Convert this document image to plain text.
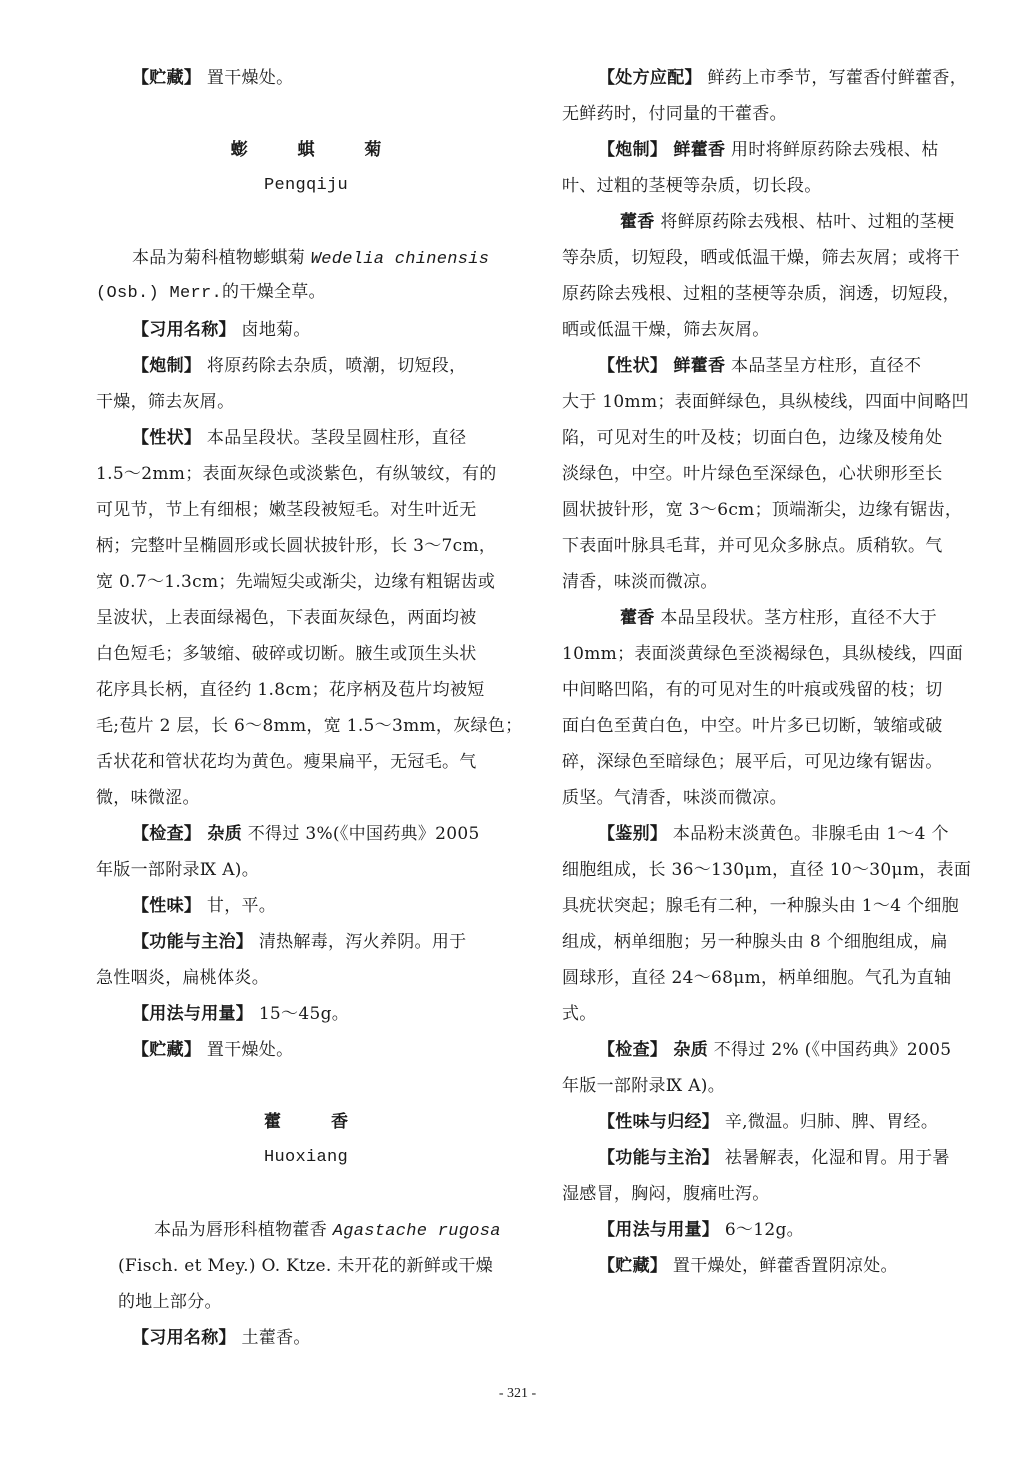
【贮藏】 置干燥处。
蟛 蜞 菊
Pengqiju
本品为菊科植物蟛蜞菊 Wedelia chinensis
(Osb.) Merr.的干燥全草。
【习用名称】 卤地菊。
【炮制】 将原药除去杂质，喷潮，切短段，
干燥，筛去灰屑。
【性状】 本品呈段状。茎段呈圆柱形，直径
1.5～2mm；表面灰绿色或淡紫色，有纵皱纹，有的
可见节，节上有细根；嫩茎段被短毛。对生叶近无
柄；完整叶呈椭圆形或长圆状披针形，长 3～7cm，
宽 0.7～1.3cm；先端短尖或渐尖，边缘有粗锯齿或
呈波状，上表面绿褐色，下表面灰绿色，两面均被
白色短毛；多皱缩、破碎或切断。腋生或顶生头状
花序具长柄，直径约 1.8cm；花序柄及苞片均被短
毛;苞片 2 层，长 6～8mm，宽 1.5～3mm，灰绿色；
舌状花和管状花均为黄色。瘦果扁平，无冠毛。气
微，味微涩。
【检查】 杂质 不得过 3%(《中国药典》2005
年版一部附录Ⅸ A)。
【性味】 甘，平。
【功能与主治】 清热解毒，泻火养阴。用于
急性咽炎，扁桃体炎。
【用法与用量】 15～45g。
【贮藏】 置干燥处。
藿 香
Huoxiang
本品为唇形科植物藿香 Agastache rugosa
(Fisch. et Mey.) O. Ktze. 未开花的新鲜或干燥
的地上部分。
【习用名称】 土藿香。
【处方应配】 鲜药上市季节，写藿香付鲜藿香，
无鲜药时，付同量的干藿香。
【炮制】 鲜藿香 用时将鲜原药除去残根、枯
叶、过粗的茎梗等杂质，切长段。
藿香 将鲜原药除去残根、枯叶、过粗的茎梗
等杂质，切短段，晒或低温干燥，筛去灰屑；或将干
原药除去残根、过粗的茎梗等杂质，润透，切短段，
晒或低温干燥，筛去灰屑。
【性状】 鲜藿香 本品茎呈方柱形，直径不
大于 10mm；表面鲜绿色，具纵棱线，四面中间略凹
陷，可见对生的叶及枝；切面白色，边缘及棱角处
淡绿色，中空。叶片绿色至深绿色，心状卵形至长
圆状披针形，宽 3～6cm；顶端渐尖，边缘有锯齿，
下表面叶脉具毛茸，并可见众多脉点。质稍软。气
清香，味淡而微凉。
藿香 本品呈段状。茎方柱形，直径不大于
10mm；表面淡黄绿色至淡褐绿色，具纵棱线，四面
中间略凹陷，有的可见对生的叶痕或残留的枝；切
面白色至黄白色，中空。叶片多已切断，皱缩或破
碎，深绿色至暗绿色；展平后，可见边缘有锯齿。
质坚。气清香，味淡而微凉。
【鉴别】 本品粉末淡黄色。非腺毛由 1～4 个
细胞组成，长 36～130μm，直径 10～30μm，表面
具疣状突起；腺毛有二种，一种腺头由 1～4 个细胞
组成，柄单细胞；另一种腺头由 8 个细胞组成，扁
圆球形，直径 24～68μm，柄单细胞。气孔为直轴
式。
【检查】 杂质 不得过 2% (《中国药典》2005
年版一部附录Ⅸ A)。
【性味与归经】 辛,微温。归肺、脾、胃经。
【功能与主治】 祛暑解表，化湿和胃。用于暑
湿感冒，胸闷，腹痛吐泻。
【用法与用量】 6～12g。
【贮藏】 置干燥处，鲜藿香置阴凉处。
- 321 -
